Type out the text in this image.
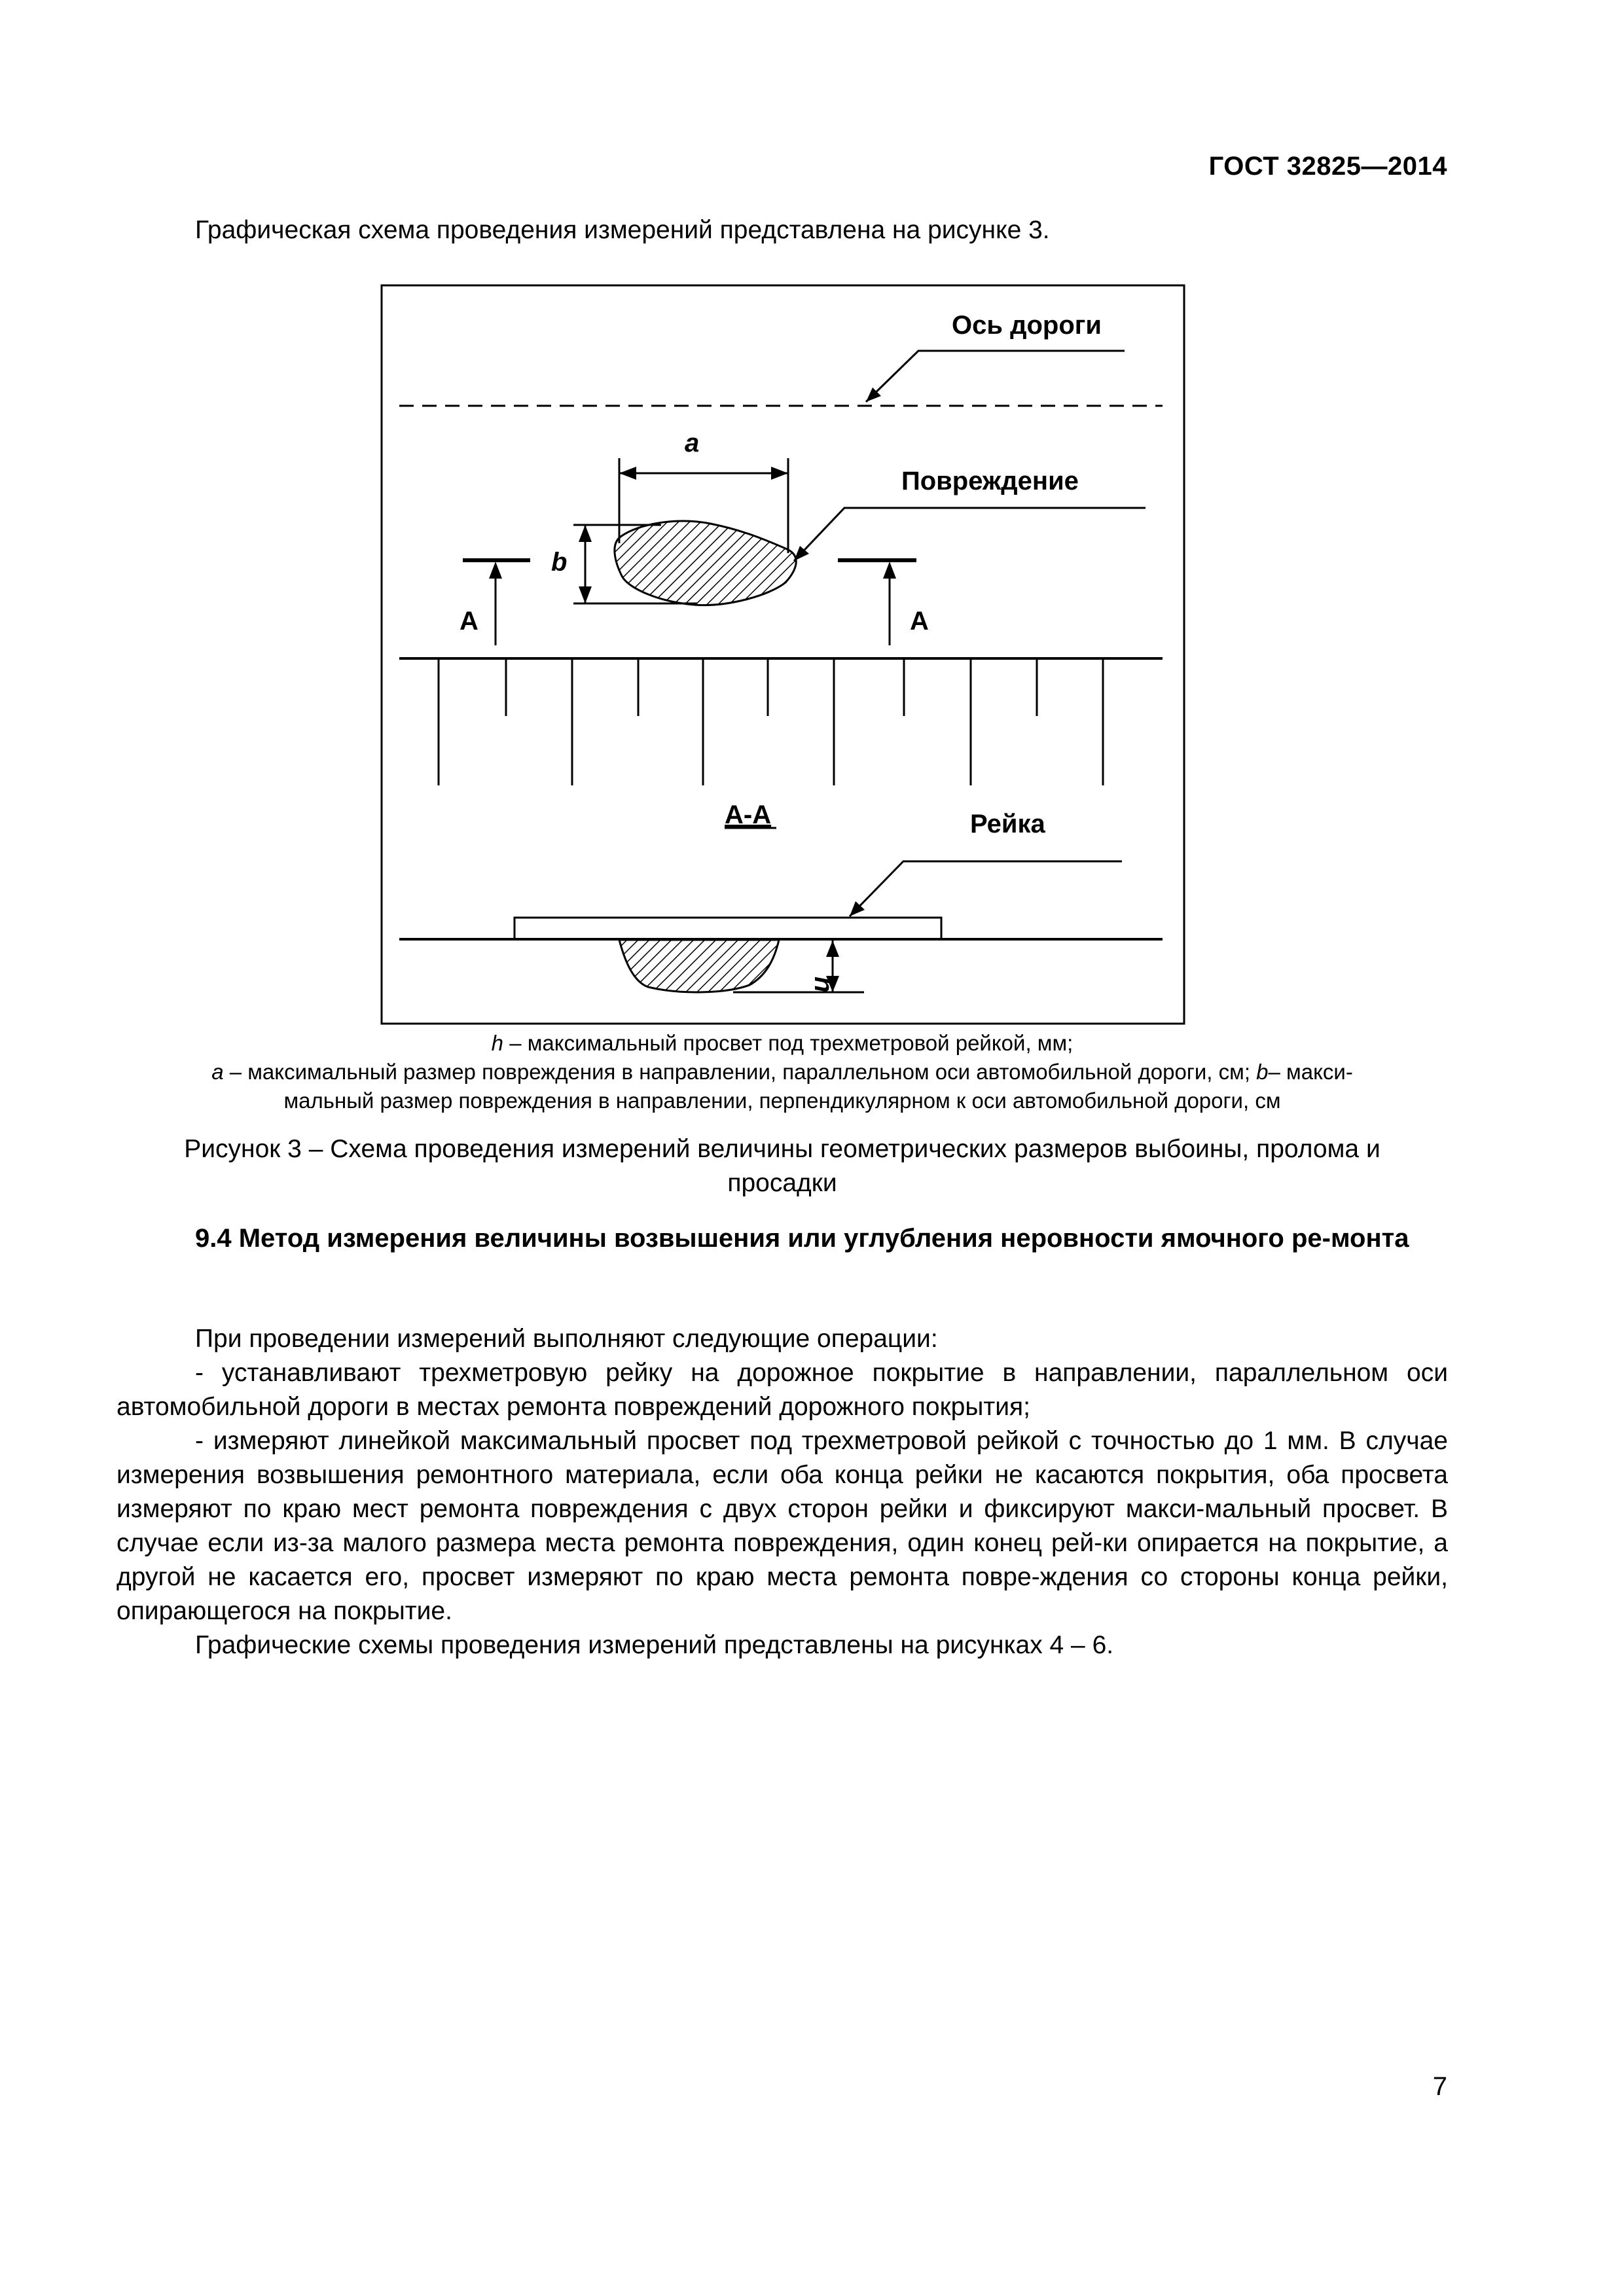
ГОСТ 32825—2014
Графическая схема проведения измерений представлена на рисунке 3.
Ось дороги
a
b
Повреждение
А	А
А-А	Рейка
h
h – максимальный просвет под трехметровой рейкой, мм;
a – максимальный размер повреждения в направлении, параллельном оси автомобильной дороги, см; b– макси-
мальный размер повреждения в направлении, перпендикулярном к оси автомобильной дороги, см
Рисунок 3 – Схема проведения измерений величины геометрических размеров выбоины, пролома и
просадки
9.4 Метод измерения величины возвышения или углубления неровности ямочного ре-монта
При проведении измерений выполняют следующие операции:
- устанавливают трехметровую рейку на дорожное покрытие в направлении, параллельном оси автомобильной дороги в местах ремонта повреждений дорожного покрытия;
- измеряют линейкой максимальный просвет под трехметровой рейкой с точностью до 1 мм. В случае измерения возвышения ремонтного материала, если оба конца рейки не касаются покрытия, оба просвета измеряют по краю мест ремонта повреждения с двух сторон рейки и фиксируют макси-мальный просвет. В случае если из-за малого размера места ремонта повреждения, один конец рей-ки опирается на покрытие, а другой не касается его, просвет измеряют по краю места ремонта повре-ждения со стороны конца рейки, опирающегося на покрытие.
Графические схемы проведения измерений представлены на рисунках 4 – 6.
7
